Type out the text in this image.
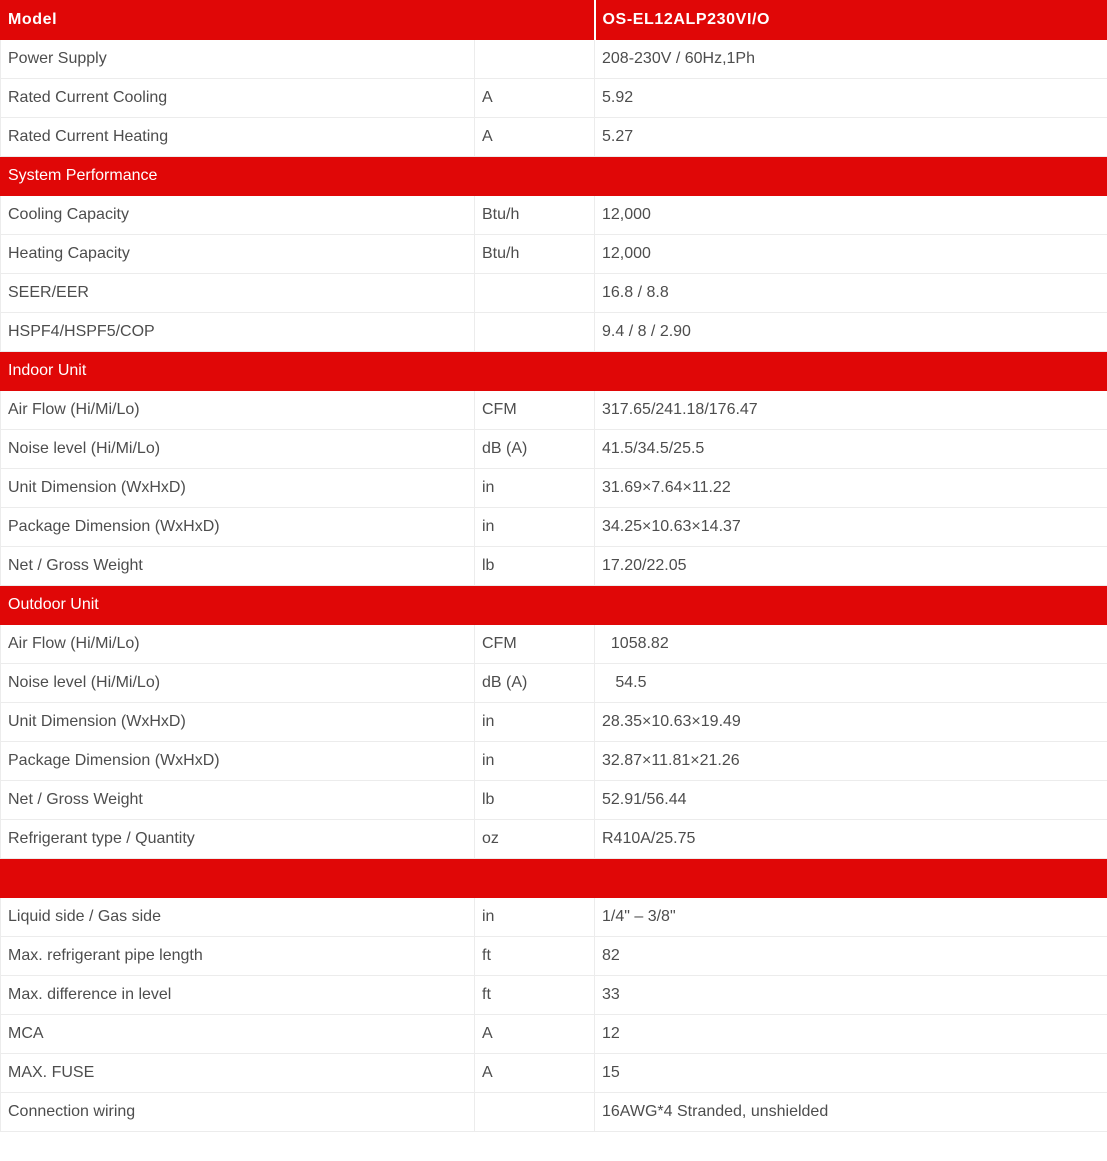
Model		OS-EL12ALP230VI/O
Power Supply		208-230V / 60Hz,1Ph
Rated Current Cooling	A	5.92
Rated Current Heating	A	5.27
System Performance		
Cooling Capacity	Btu/h	12,000
Heating Capacity	Btu/h	12,000
SEER/EER		16.8 / 8.8
HSPF4/HSPF5/COP		9.4 / 8 / 2.90
Indoor Unit		
Air Flow (Hi/Mi/Lo)	CFM	317.65/241.18/176.47
Noise level (Hi/Mi/Lo)	dB (A)	41.5/34.5/25.5
Unit Dimension (WxHxD)	in	31.69×7.64×11.22
Package Dimension (WxHxD)	in	34.25×10.63×14.37
Net / Gross Weight	lb	17.20/22.05
Outdoor Unit		
Air Flow (Hi/Mi/Lo)	CFM	1058.82
Noise level (Hi/Mi/Lo)	dB (A)	54.5
Unit Dimension (WxHxD)	in	28.35×10.63×19.49
Package Dimension (WxHxD)	in	32.87×11.81×21.26
Net / Gross Weight	lb	52.91/56.44
Refrigerant type / Quantity	oz	R410A/25.75

Liquid side / Gas side	in	1/4" – 3/8"
Max. refrigerant pipe length	ft	82
Max. difference in level	ft	33
MCA	A	12
MAX. FUSE	A	15
Connection wiring		16AWG*4 Stranded, unshielded
